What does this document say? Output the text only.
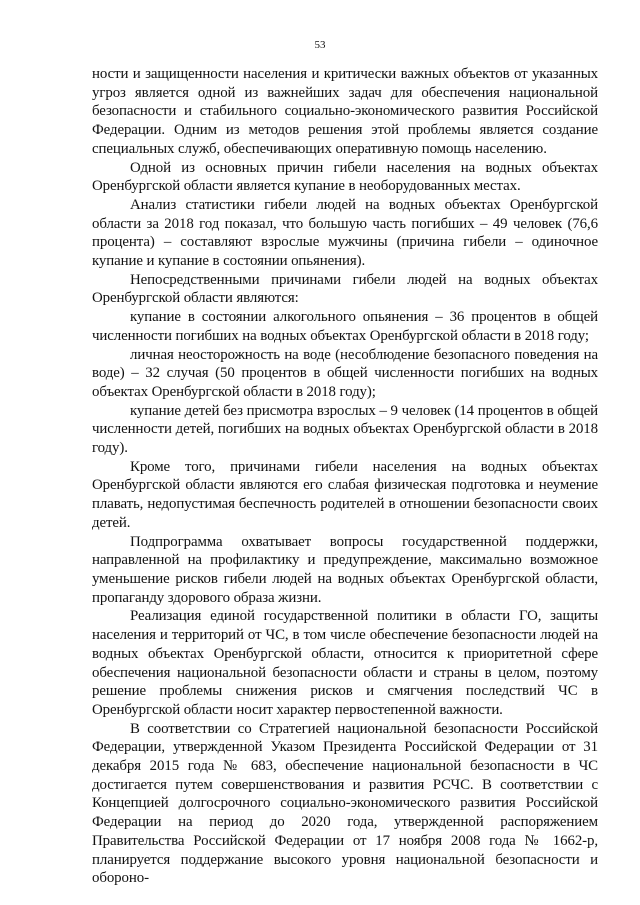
53

ности и защищенности населения и критически важных объектов от указанных угроз является одной из важнейших задач для обеспечения национальной безопасности и стабильного социально-экономического развития Российской Федерации. Одним из методов решения этой проблемы является создание специальных служб, обеспечивающих оперативную помощь населению.

Одной из основных причин гибели населения на водных объектах Оренбургской области является купание в необорудованных местах.

Анализ статистики гибели людей на водных объектах Оренбургской области за 2018 год показал, что большую часть погибших – 49 человек (76,6 процента) – составляют взрослые мужчины (причина гибели – одиночное купание и купание в состоянии опьянения).

Непосредственными причинами гибели людей на водных объектах Оренбургской области являются:

купание в состоянии алкогольного опьянения – 36 процентов в общей численности погибших на водных объектах Оренбургской области в 2018 году;

личная неосторожность на воде (несоблюдение безопасного поведения на воде) – 32 случая (50 процентов в общей численности погибших на водных объектах Оренбургской области в 2018 году);

купание детей без присмотра взрослых – 9 человек (14 процентов в общей численности детей, погибших на водных объектах Оренбургской области в 2018 году).

Кроме того, причинами гибели населения на водных объектах Оренбургской области являются его слабая физическая подготовка и неумение плавать, недопустимая беспечность родителей в отношении безопасности своих детей.

Подпрограмма охватывает вопросы государственной поддержки, направленной на профилактику и предупреждение, максимально возможное уменьшение рисков гибели людей на водных объектах Оренбургской области, пропаганду здорового образа жизни.

Реализация единой государственной политики в области ГО, защиты населения и территорий от ЧС, в том числе обеспечение безопасности людей на водных объектах Оренбургской области, относится к приоритетной сфере обеспечения национальной безопасности области и страны в целом, поэтому решение проблемы снижения рисков и смягчения последствий ЧС в Оренбургской области носит характер первостепенной важности.

В соответствии со Стратегией национальной безопасности Российской Федерации, утвержденной Указом Президента Российской Федерации от 31 декабря 2015 года № 683, обеспечение национальной безопасности в ЧС достигается путем совершенствования и развития РСЧС. В соответствии с Концепцией долгосрочного социально-экономического развития Российской Федерации на период до 2020 года, утвержденной распоряжением Правительства Российской Федерации от 17 ноября 2008 года № 1662-р, планируется поддержание высокого уровня национальной безопасности и обороно-
